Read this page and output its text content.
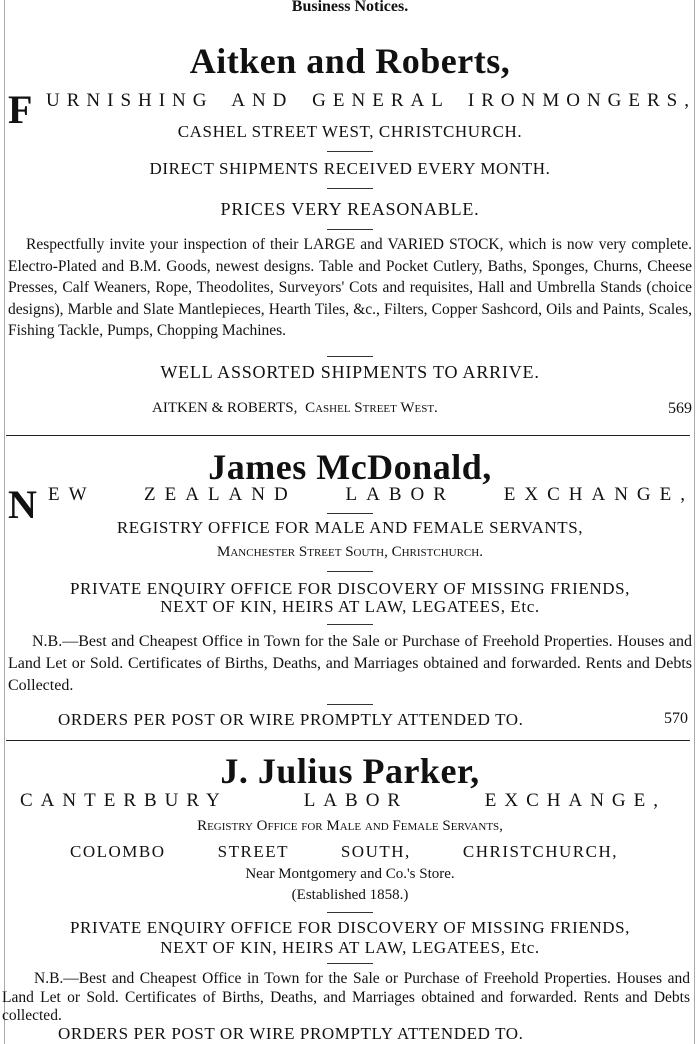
Business Notices.
Aitken and Roberts,
F URNISHING AND GENERAL IRONMONGERS,
CASHEL STREET WEST, CHRISTCHURCH.
DIRECT SHIPMENTS RECEIVED EVERY MONTH.
PRICES VERY REASONABLE.

Respectfully invite your inspection of their LARGE and VARIED STOCK, which is now very complete. Electro-Plated and B.M. Goods, newest designs. Table and Pocket Cutlery, Baths, Sponges, Churns, Cheese Presses, Calf Weaners, Rope, Theodolites, Surveyors' Cots and requisites, Hall and Umbrella Stands (choice designs), Marble and Slate Mantlepieces, Hearth Tiles, &c., Filters, Copper Sashcord, Oils and Paints, Scales, Fishing Tackle, Pumps, Chopping Machines.

WELL ASSORTED SHIPMENTS TO ARRIVE.
AITKEN & ROBERTS, Cashel Street West.	569
James McDonald,
N EW ZEALAND LABOR EXCHANGE,
REGISTRY OFFICE FOR MALE AND FEMALE SERVANTS,
Manchester Street South, Christchurch.
PRIVATE ENQUIRY OFFICE FOR DISCOVERY OF MISSING FRIENDS,
NEXT OF KIN, HEIRS AT LAW, LEGATEES, Etc.

N.B.—Best and Cheapest Office in Town for the Sale or Purchase of Freehold Properties. Houses and Land Let or Sold. Certificates of Births, Deaths, and Marriages obtained and forwarded. Rents and Debts Collected.

ORDERS PER POST OR WIRE PROMPTLY ATTENDED TO.	570
J. Julius Parker,
CANTERBURY LABOR EXCHANGE,
Registry Office for Male and Female Servants,
COLOMBO STREET SOUTH, CHRISTCHURCH,
Near Montgomery and Co.'s Store.
(Established 1858.)
PRIVATE ENQUIRY OFFICE FOR DISCOVERY OF MISSING FRIENDS,
NEXT OF KIN, HEIRS AT LAW, LEGATEES, Etc.

N.B.—Best and Cheapest Office in Town for the Sale or Purchase of Freehold Properties. Houses and Land Let or Sold. Certificates of Births, Deaths, and Marriages obtained and forwarded. Rents and Debts collected.

ORDERS PER POST OR WIRE PROMPTLY ATTENDED TO.
